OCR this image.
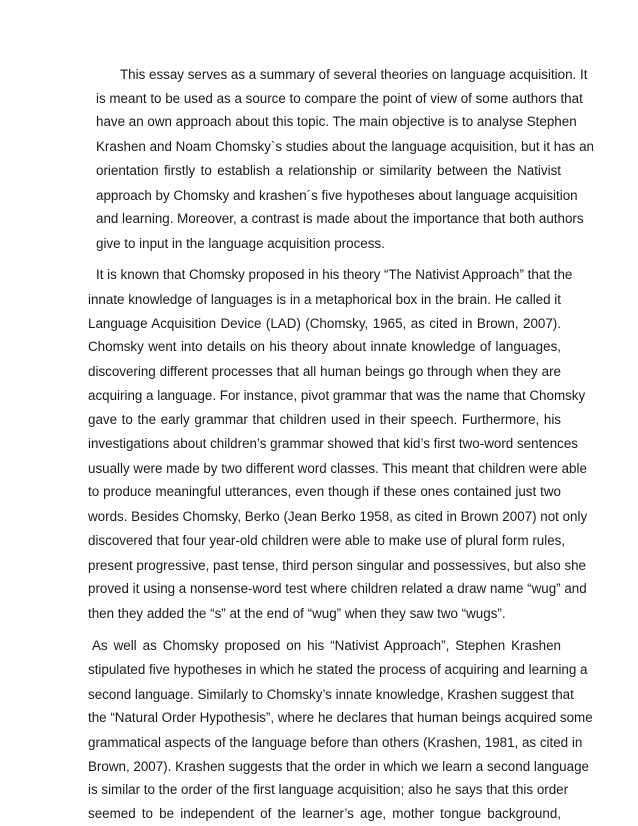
This essay serves as a summary of several theories on language acquisition. It

is meant to be used as a source to compare the point of view of some authors that

have an own approach about this topic. The main objective is to analyse Stephen

Krashen and Noam Chomsky`s studies about the language acquisition, but it has an

orientation firstly to establish a relationship or similarity between the Nativist

approach by Chomsky and krashen´s five hypotheses about language acquisition

and learning. Moreover, a contrast is made about the importance that both authors

give to input in the language acquisition process.

It is known that Chomsky proposed in his theory “The Nativist Approach” that the

innate knowledge of languages is in a metaphorical box in the brain. He called it

Language Acquisition Device (LAD) (Chomsky, 1965, as cited in Brown, 2007).

Chomsky went into details on his theory about innate knowledge of languages,

discovering different processes that all human beings go through when they are

acquiring a language. For instance, pivot grammar that was the name that Chomsky

gave to the early grammar that children used in their speech. Furthermore, his

investigations about children’s grammar showed that kid’s first two-word sentences

usually were made by two different word classes. This meant that children were able

to produce meaningful utterances, even though if these ones contained just two

words. Besides Chomsky, Berko (Jean Berko 1958, as cited in Brown 2007) not only

discovered that four year-old children were able to make use of plural form rules,

present progressive, past tense, third person singular and possessives, but also she

proved it using a nonsense-word test where children related a draw name “wug” and

then they added the “s” at the end of “wug” when they saw two “wugs”.

As well as Chomsky proposed on his “Nativist Approach”, Stephen Krashen

stipulated five hypotheses in which he stated the process of acquiring and learning a

second language. Similarly to Chomsky’s innate knowledge, Krashen suggest that

the “Natural Order Hypothesis”, where he declares that human beings acquired some

grammatical aspects of the language before than others (Krashen, 1981, as cited in

Brown, 2007). Krashen suggests that the order in which we learn a second language

is similar to the order of the first language acquisition; also he says that this order

seemed to be independent of the learner’s age, mother tongue background,
